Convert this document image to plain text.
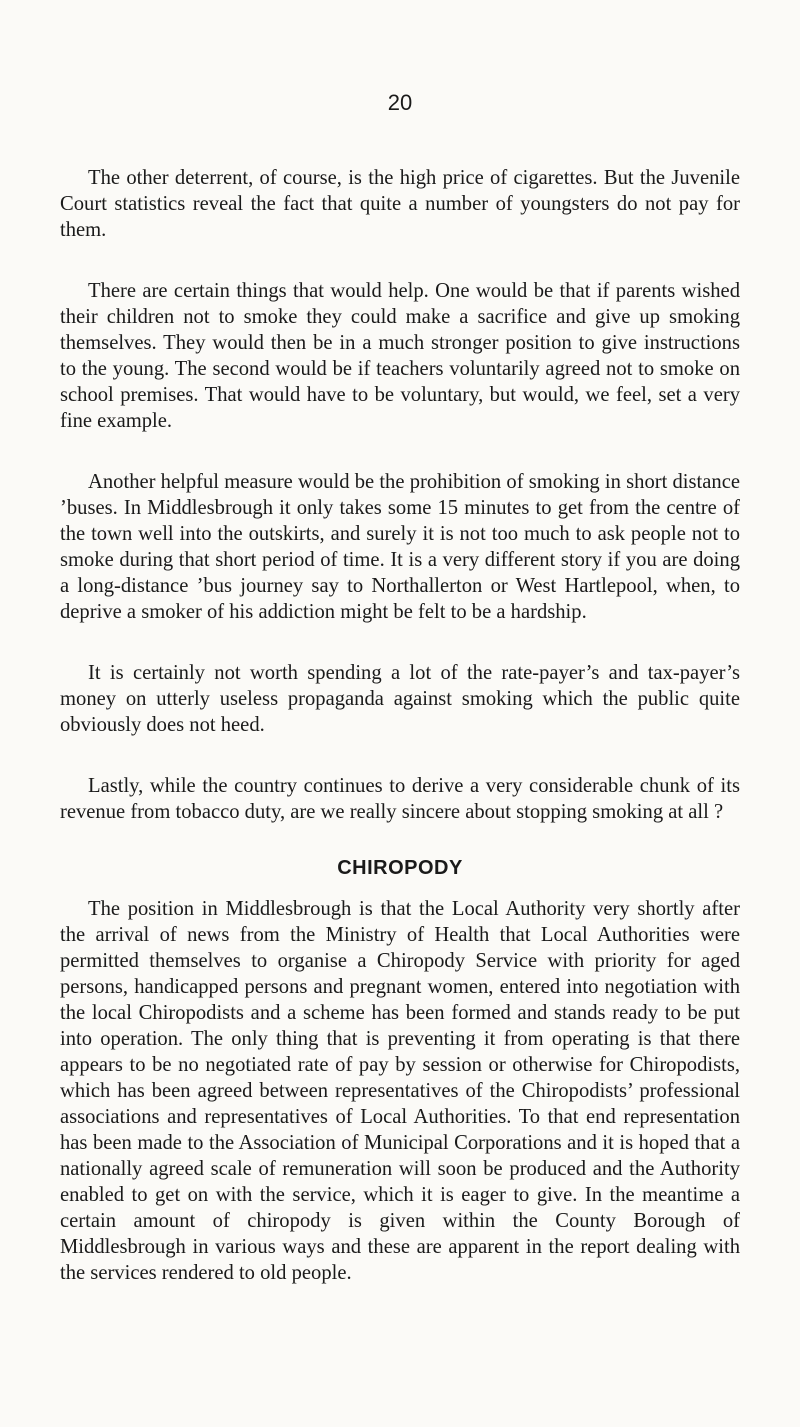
20

The other deterrent, of course, is the high price of cigarettes. But the Juvenile Court statistics reveal the fact that quite a number of youngsters do not pay for them.

There are certain things that would help. One would be that if parents wished their children not to smoke they could make a sacrifice and give up smoking themselves. They would then be in a much stronger position to give instructions to the young. The second would be if teachers voluntarily agreed not to smoke on school premises. That would have to be voluntary, but would, we feel, set a very fine example.

Another helpful measure would be the prohibition of smoking in short distance ’buses. In Middlesbrough it only takes some 15 minutes to get from the centre of the town well into the outskirts, and surely it is not too much to ask people not to smoke during that short period of time. It is a very different story if you are doing a long-distance ’bus journey say to Northallerton or West Hartlepool, when, to deprive a smoker of his addiction might be felt to be a hardship.

It is certainly not worth spending a lot of the rate-payer’s and tax-payer’s money on utterly useless propaganda against smoking which the public quite obviously does not heed.

Lastly, while the country continues to derive a very considerable chunk of its revenue from tobacco duty, are we really sincere about stopping smoking at all ?

CHIROPODY

The position in Middlesbrough is that the Local Authority very shortly after the arrival of news from the Ministry of Health that Local Authorities were permitted themselves to organise a Chiropody Service with priority for aged persons, handicapped persons and pregnant women, entered into negotiation with the local Chiropodists and a scheme has been formed and stands ready to be put into operation. The only thing that is preventing it from operating is that there appears to be no negotiated rate of pay by session or otherwise for Chiropodists, which has been agreed between representatives of the Chiropodists’ professional associations and representatives of Local Authorities. To that end representation has been made to the Association of Municipal Corporations and it is hoped that a nationally agreed scale of remuneration will soon be produced and the Authority enabled to get on with the service, which it is eager to give. In the meantime a certain amount of chiropody is given within the County Borough of Middlesbrough in various ways and these are apparent in the report dealing with the services rendered to old people.
